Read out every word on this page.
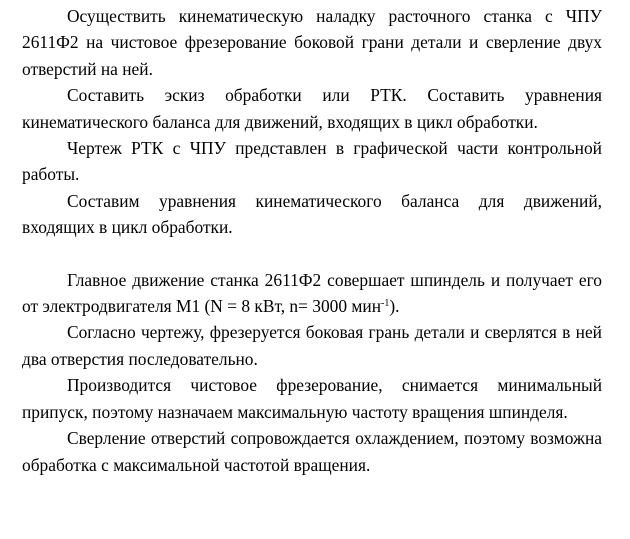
Осуществить кинематическую наладку расточного станка с ЧПУ 2611Ф2 на чистовое фрезерование боковой грани детали и сверление двух отверстий на ней.

Составить эскиз обработки или РТК. Составить уравнения кинематического баланса для движений, входящих в цикл обработки.

Чертеж РТК с ЧПУ представлен в графической части контрольной работы.

Составим уравнения кинематического баланса для движений, входящих в цикл обработки.

Главное движение станка 2611Ф2 совершает шпиндель и получает его от электродвигателя М1 (N = 8 кВт, n= 3000 мин$^{-1}$).

Согласно чертежу, фрезеруется боковая грань детали и сверлятся в ней два отверстия последовательно.

Производится чистовое фрезерование, снимается минимальный припуск, поэтому назначаем максимальную частоту вращения шпинделя.

Сверление отверстий сопровождается охлаждением, поэтому возможна обработка с максимальной частотой вращения.
